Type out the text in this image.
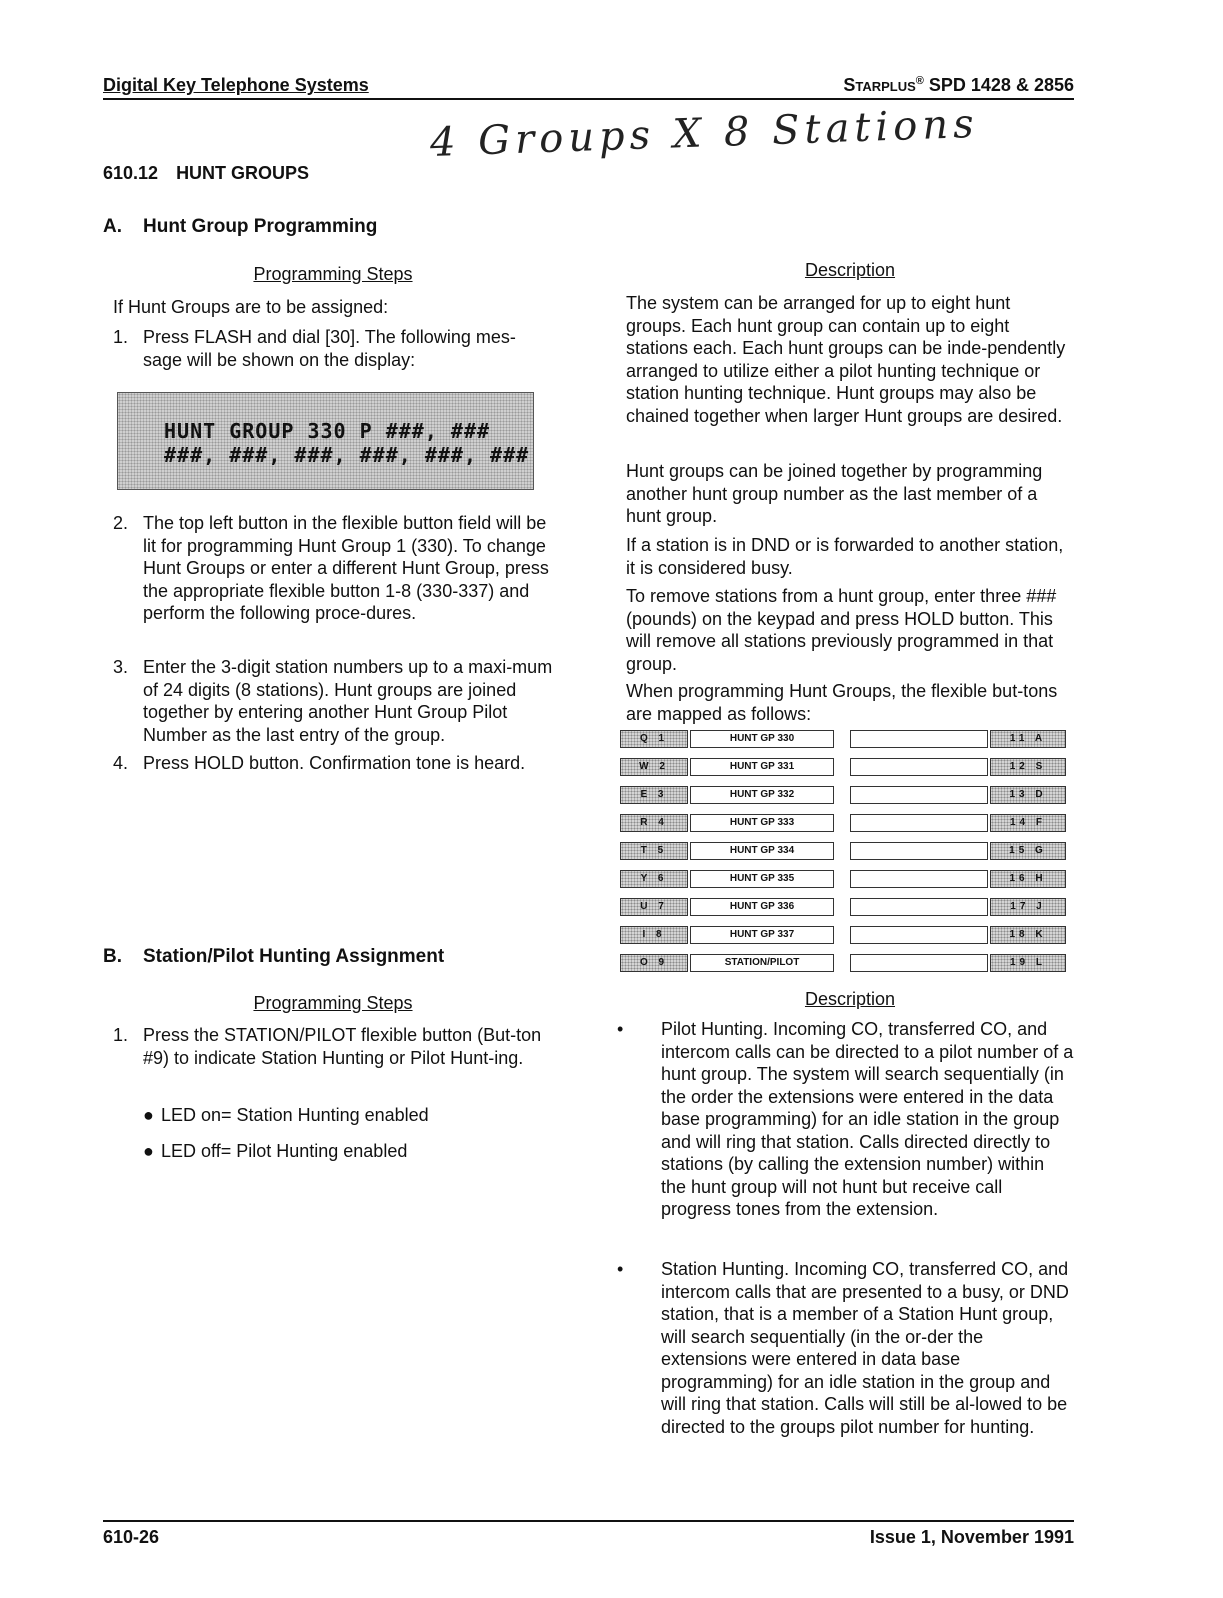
Digital Key Telephone Systems	Starplus® SPD 1428 & 2856
4 Groups X 8 Stations
610.12 HUNT GROUPS
A. Hunt Group Programming
Programming Steps	Description
If Hunt Groups are to be assigned:
1. Press FLASH and dial [30]. The following mes-sage will be shown on the display:
HUNT GROUP 330 P ###, ###
###, ###, ###, ###, ###, ###
2. The top left button in the flexible button field will be lit for programming Hunt Group 1 (330). To change Hunt Groups or enter a different Hunt Group, press the appropriate flexible button 1-8 (330-337) and perform the following proce-dures.
3. Enter the 3-digit station numbers up to a maxi-mum of 24 digits (8 stations). Hunt groups are joined together by entering another Hunt Group Pilot Number as the last entry of the group.
4. Press HOLD button. Confirmation tone is heard.
The system can be arranged for up to eight hunt groups. Each hunt group can contain up to eight stations each. Each hunt groups can be inde-pendently arranged to utilize either a pilot hunting technique or station hunting technique. Hunt groups may also be chained together when larger Hunt groups are desired.
Hunt groups can be joined together by programming another hunt group number as the last member of a hunt group.
If a station is in DND or is forwarded to another station, it is considered busy.
To remove stations from a hunt group, enter three ### (pounds) on the keypad and press HOLD button. This will remove all stations previously programmed in that group.
When programming Hunt Groups, the flexible but-tons are mapped as follows:
Q 1	HUNT GP 330	11 A
W 2	HUNT GP 331	12 S
E 3	HUNT GP 332	13 D
R 4	HUNT GP 333	14 F
T 5	HUNT GP 334	15 G
Y 6	HUNT GP 335	16 H
U 7	HUNT GP 336	17 J
I 8	HUNT GP 337	18 K
O 9	STATION/PILOT	19 L
B. Station/Pilot Hunting Assignment
Programming Steps	Description
1. Press the STATION/PILOT flexible button (But-ton #9) to indicate Station Hunting or Pilot Hunt-ing.
● LED on= Station Hunting enabled
● LED off= Pilot Hunting enabled
• Pilot Hunting. Incoming CO, transferred CO, and intercom calls can be directed to a pilot number of a hunt group. The system will search sequentially (in the order the extensions were entered in the data base programming) for an idle station in the group and will ring that station. Calls directed directly to stations (by calling the extension number) within the hunt group will not hunt but receive call progress tones from the extension.
• Station Hunting. Incoming CO, transferred CO, and intercom calls that are presented to a busy, or DND station, that is a member of a Station Hunt group, will search sequentially (in the or-der the extensions were entered in data base programming) for an idle station in the group and will ring that station. Calls will still be al-lowed to be directed to the groups pilot number for hunting.
610-26	Issue 1, November 1991
